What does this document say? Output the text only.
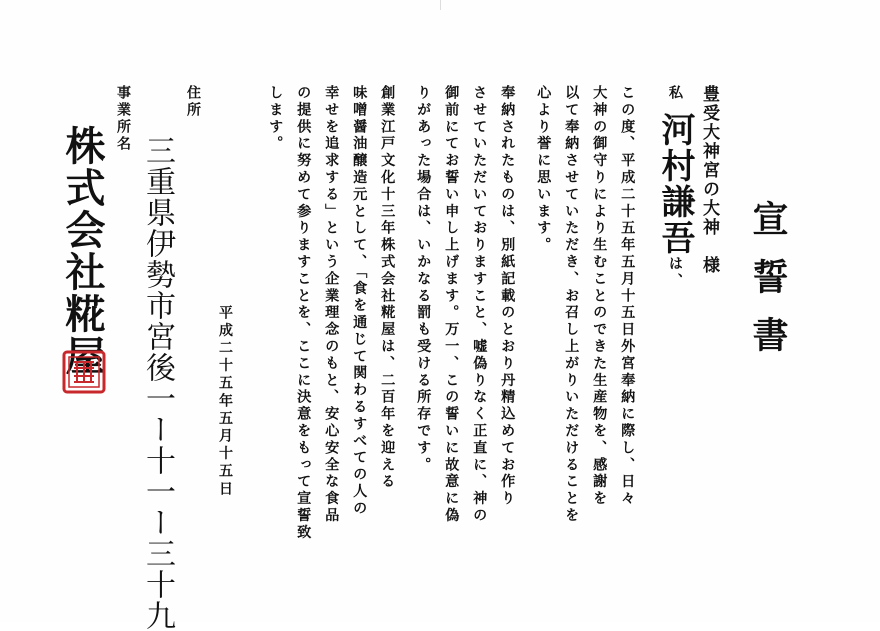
宣誓書
豊受大神宮の大神　様
私河村謙吾は、
この度、平成二十五年五月十五日外宮奉納に際し、日々
大神の御守りにより生むことのできた生産物を、感謝を
以て奉納させていただき、お召し上がりいただけることを
心より誉に思います。
奉納されたものは、別紙記載のとおり丹精込めてお作り
させていただいておりますこと、嘘偽りなく正直に、神の
御前にてお誓い申し上げます。万一、この誓いに故意に偽
りがあった場合は、いかなる罰も受ける所存です。
創業江戸文化十三年株式会社糀屋は、二百年を迎える
味噌醤油醸造元として、「食を通じて関わるすべての人の
幸せを追求する」という企業理念のもと、安心安全な食品
の提供に努めて参りますことを、ここに決意をもって宣誓致
します。
平成二十五年五月十五日
住所
三重県伊勢市宮後一ー十一ー三十九
事業所名
株式会社糀屋
